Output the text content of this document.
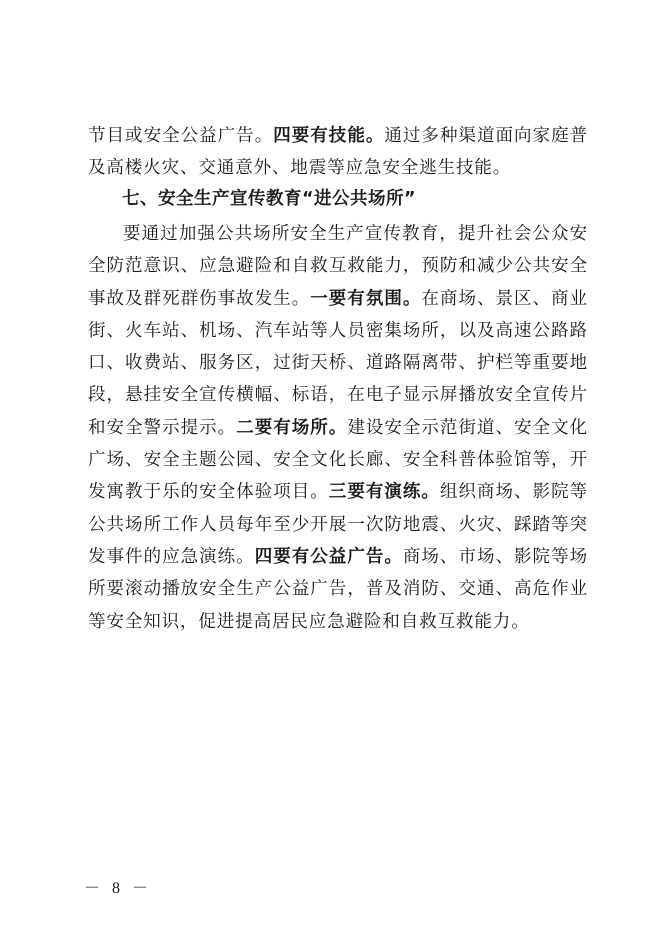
节目或安全公益广告。四要有技能。通过多种渠道面向家庭普及高楼火灾、交通意外、地震等应急安全逃生技能。

七、安全生产宣传教育“进公共场所”

要通过加强公共场所安全生产宣传教育，提升社会公众安全防范意识、应急避险和自救互救能力，预防和减少公共安全事故及群死群伤事故发生。一要有氛围。在商场、景区、商业街、火车站、机场、汽车站等人员密集场所，以及高速公路路口、收费站、服务区，过街天桥、道路隔离带、护栏等重要地段，悬挂安全宣传横幅、标语，在电子显示屏播放安全宣传片和安全警示提示。二要有场所。建设安全示范街道、安全文化广场、安全主题公园、安全文化长廊、安全科普体验馆等，开发寓教于乐的安全体验项目。三要有演练。组织商场、影院等公共场所工作人员每年至少开展一次防地震、火灾、踩踏等突发事件的应急演练。四要有公益广告。商场、市场、影院等场所要滚动播放安全生产公益广告，普及消防、交通、高危作业等安全知识，促进提高居民应急避险和自救互救能力。

－ 8 －
